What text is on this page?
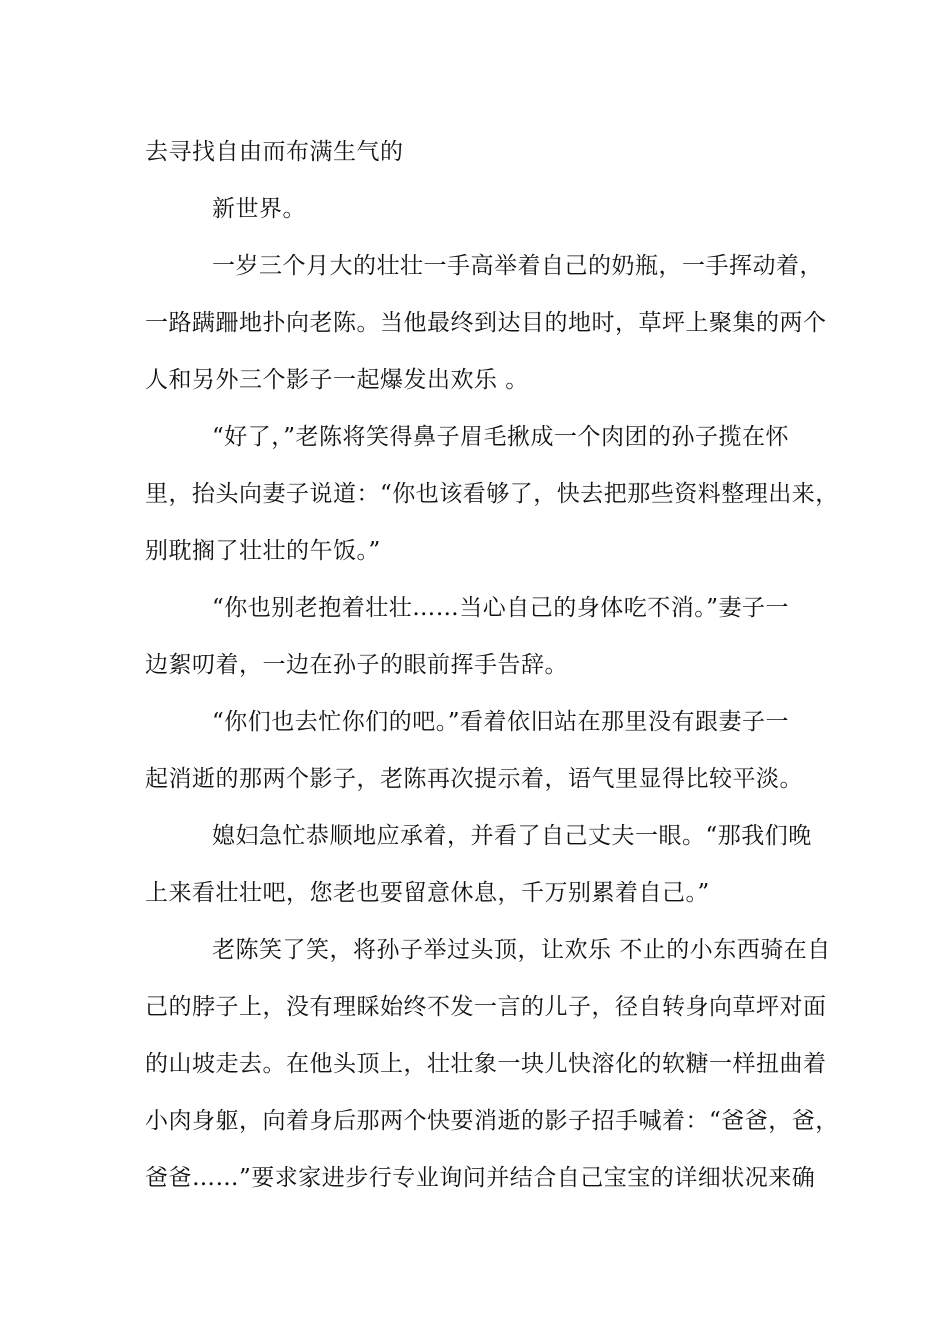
去寻找自由而布满生气的
新世界。
一岁三个月大的壮壮一手高举着自己的奶瓶，一手挥动着，
一路蹒跚地扑向老陈。当他最终到达目的地时，草坪上聚集的两个
人和另外三个影子一起爆发出欢乐 。
“好了，”老陈将笑得鼻子眉毛揪成一个肉团的孙子揽在怀
里，抬头向妻子说道：“你也该看够了，快去把那些资料整理出来，
别耽搁了壮壮的午饭。”
“你也别老抱着壮壮……当心自己的身体吃不消。”妻子一
边絮叨着，一边在孙子的眼前挥手告辞。
“你们也去忙你们的吧。”看着依旧站在那里没有跟妻子一
起消逝的那两个影子，老陈再次提示着，语气里显得比较平淡。
媳妇急忙恭顺地应承着，并看了自己丈夫一眼。“那我们晚
上来看壮壮吧，您老也要留意休息，千万别累着自己。”
老陈笑了笑，将孙子举过头顶，让欢乐 不止的小东西骑在自
己的脖子上，没有理睬始终不发一言的儿子，径自转身向草坪对面
的山坡走去。在他头顶上，壮壮象一块儿快溶化的软糖一样扭曲着
小肉身躯，向着身后那两个快要消逝的影子招手喊着：“爸爸，爸，
爸爸……”要求家进步行专业询问并结合自己宝宝的详细状况来确
